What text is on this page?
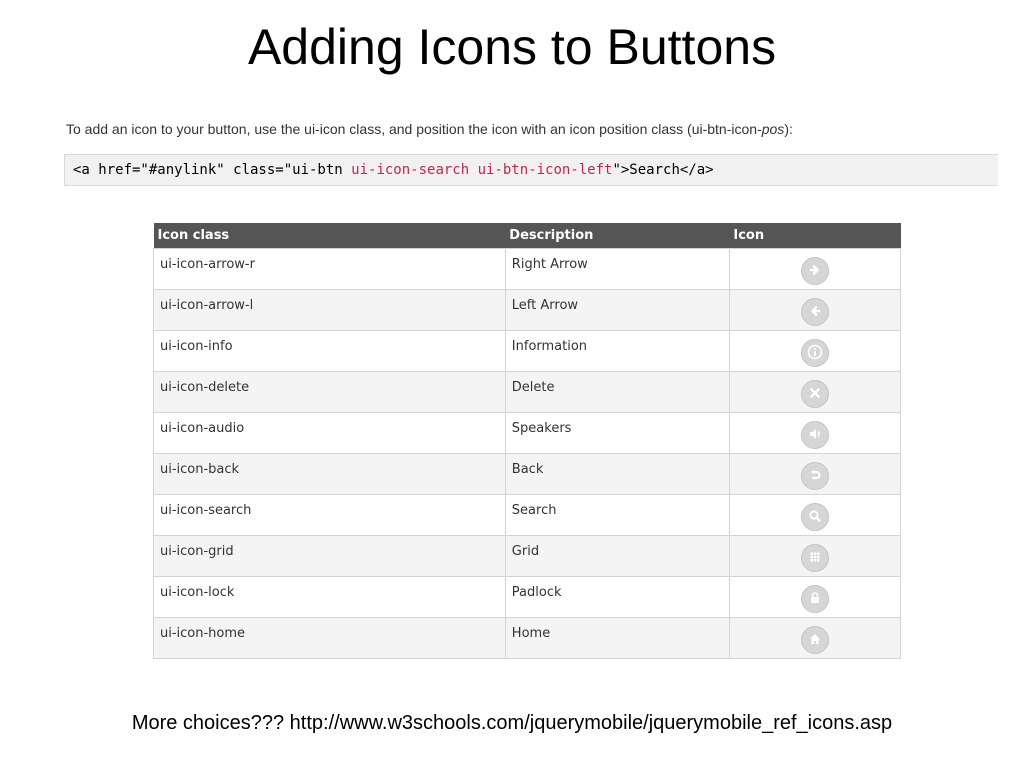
Adding Icons to Buttons
To add an icon to your button, use the ui-icon class, and position the icon with an icon position class (ui-btn-icon-pos):
<a href="#anylink" class="ui-btn ui-icon-search ui-btn-icon-left">Search</a>
Icon class	Description	Icon
ui-icon-arrow-r	Right Arrow	

ui-icon-arrow-l	Left Arrow	

ui-icon-info	Information	

ui-icon-delete	Delete	

ui-icon-audio	Speakers	

ui-icon-back	Back	

ui-icon-search	Search	

ui-icon-grid	Grid	

ui-icon-lock	Padlock	

ui-icon-home	Home	
More choices??? http://www.w3schools.com/jquerymobile/jquerymobile_ref_icons.asp
